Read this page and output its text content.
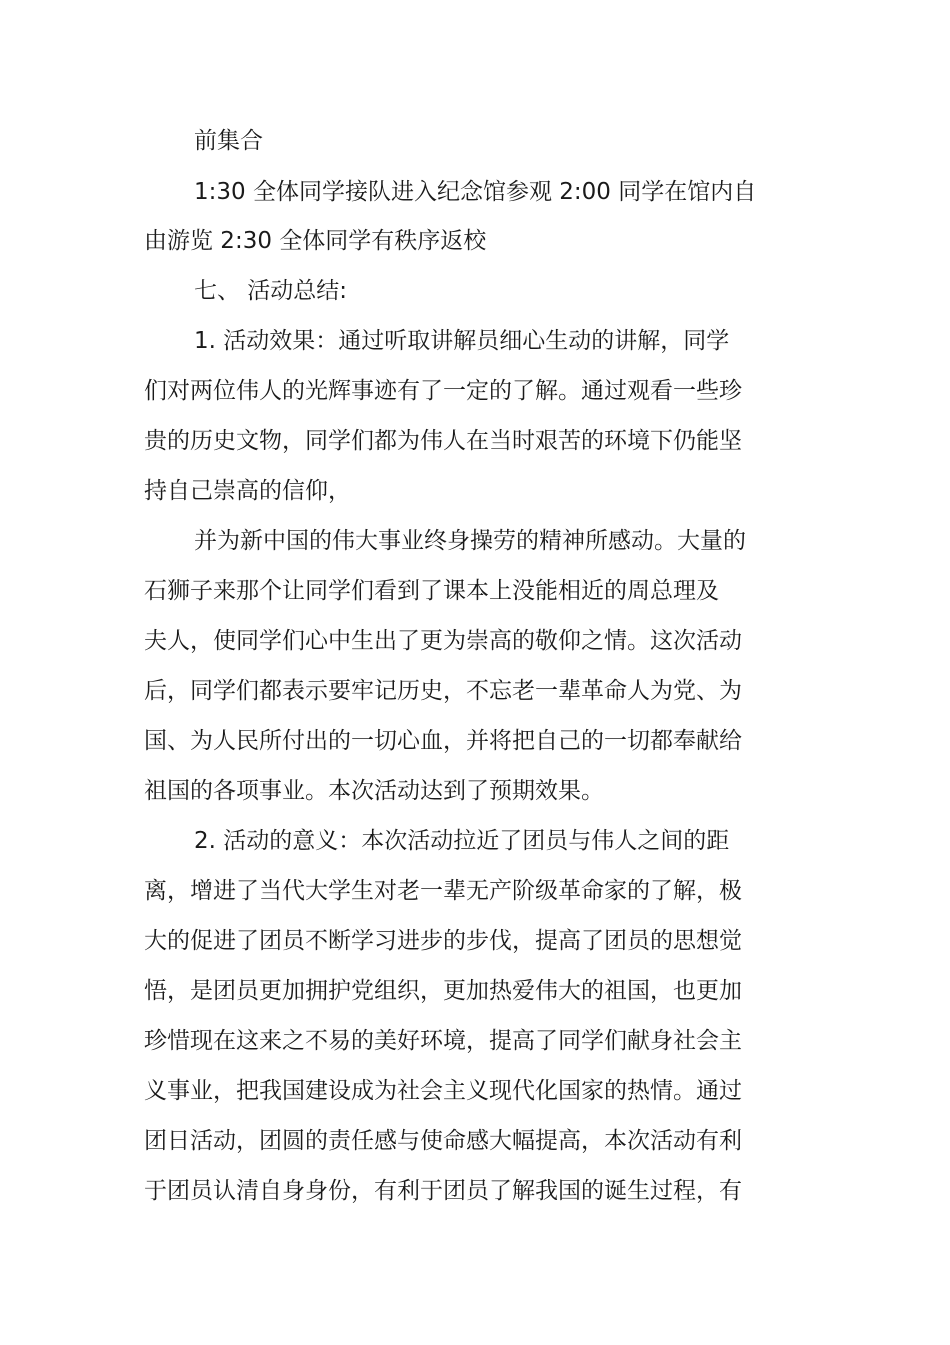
前集合
1:30 全体同学接队进入纪念馆参观 2:00 同学在馆内自
由游览 2:30 全体同学有秩序返校
七、 活动总结:
1. 活动效果：通过听取讲解员细心生动的讲解，同学
们对两位伟人的光辉事迹有了一定的了解。通过观看一些珍
贵的历史文物，同学们都为伟人在当时艰苦的环境下仍能坚
持自己崇高的信仰，
并为新中国的伟大事业终身操劳的精神所感动。大量的
石狮子来那个让同学们看到了课本上没能相近的周总理及
夫人，使同学们心中生出了更为崇高的敬仰之情。这次活动
后，同学们都表示要牢记历史，不忘老一辈革命人为党、为
国、为人民所付出的一切心血，并将把自己的一切都奉献给
祖国的各项事业。本次活动达到了预期效果。
2. 活动的意义：本次活动拉近了团员与伟人之间的距
离，增进了当代大学生对老一辈无产阶级革命家的了解，极
大的促进了团员不断学习进步的步伐，提高了团员的思想觉
悟，是团员更加拥护党组织，更加热爱伟大的祖国，也更加
珍惜现在这来之不易的美好环境，提高了同学们献身社会主
义事业，把我国建设成为社会主义现代化国家的热情。通过
团日活动，团圆的责任感与使命感大幅提高，本次活动有利
于团员认清自身身份，有利于团员了解我国的诞生过程，有
